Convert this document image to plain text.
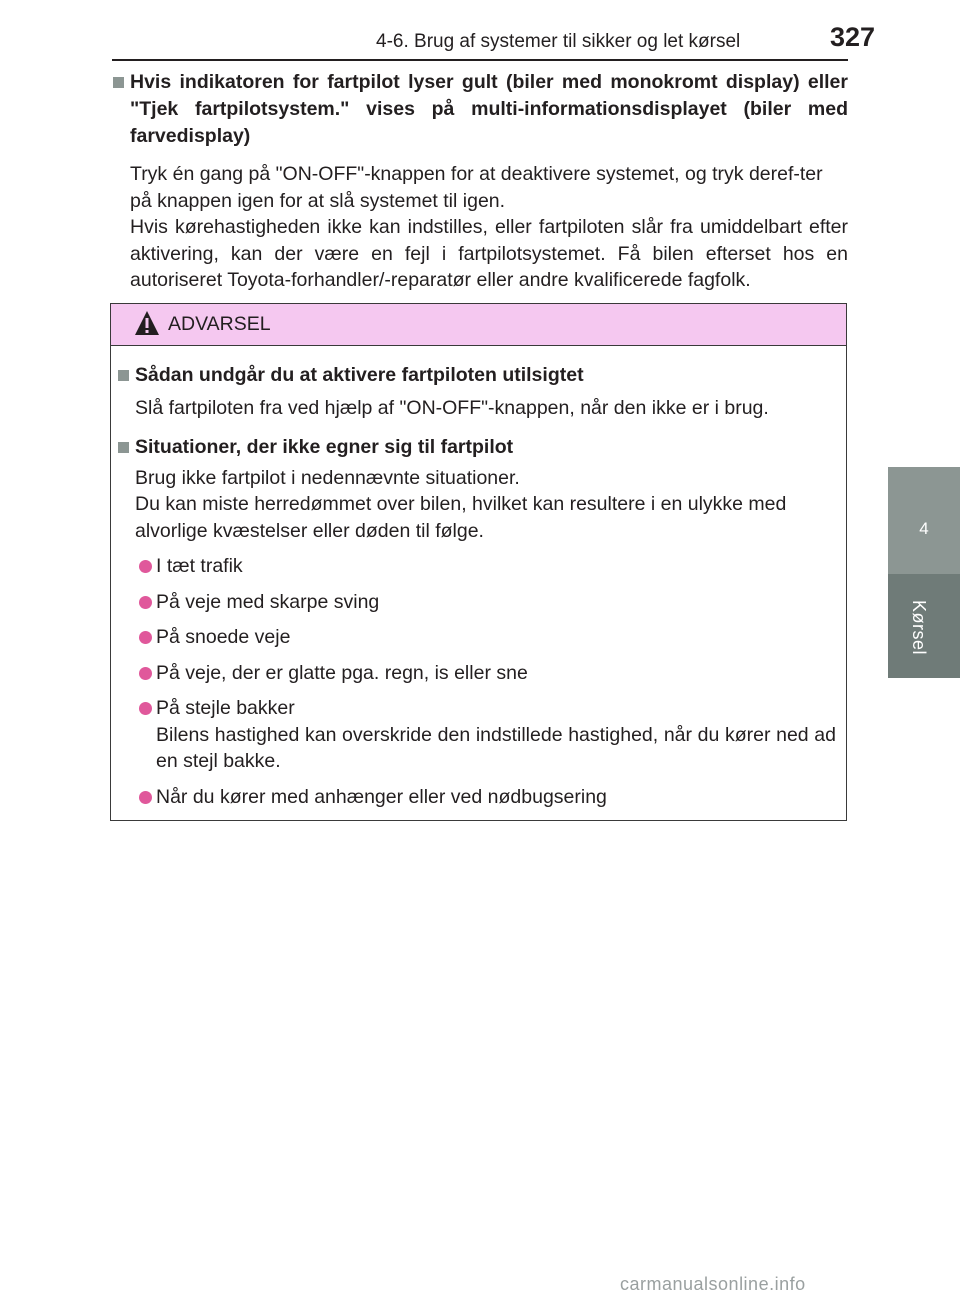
4-6. Brug af systemer til sikker og let kørsel	327
4
Kørsel
Hvis indikatoren for fartpilot lyser gult (biler med monokromt display) eller "Tjek fartpilotsystem." vises på multi-informationsdisplayet (biler med farvedisplay)

Tryk én gang på "ON-OFF"-knappen for at deaktivere systemet, og tryk deref-ter på knappen igen for at slå systemet til igen.

Hvis kørehastigheden ikke kan indstilles, eller fartpiloten slår fra umiddelbart efter aktivering, kan der være en fejl i fartpilotsystemet. Få bilen efterset hos en autoriseret Toyota-forhandler/-reparatør eller andre kvalificerede fagfolk.

ADVARSEL
Sådan undgår du at aktivere fartpiloten utilsigtet

Slå fartpiloten fra ved hjælp af "ON-OFF"-knappen, når den ikke er i brug.

Situationer, der ikke egner sig til fartpilot

Brug ikke fartpilot i nedennævnte situationer.

Du kan miste herredømmet over bilen, hvilket kan resultere i en ulykke med alvorlige kvæstelser eller døden til følge.

I tæt trafik
På veje med skarpe sving
På snoede veje
På veje, der er glatte pga. regn, is eller sne
På stejle bakker
Bilens hastighed kan overskride den indstillede hastighed, når du kører ned ad en stejl bakke.
Når du kører med anhænger eller ved nødbugsering
carmanualsonline.info
